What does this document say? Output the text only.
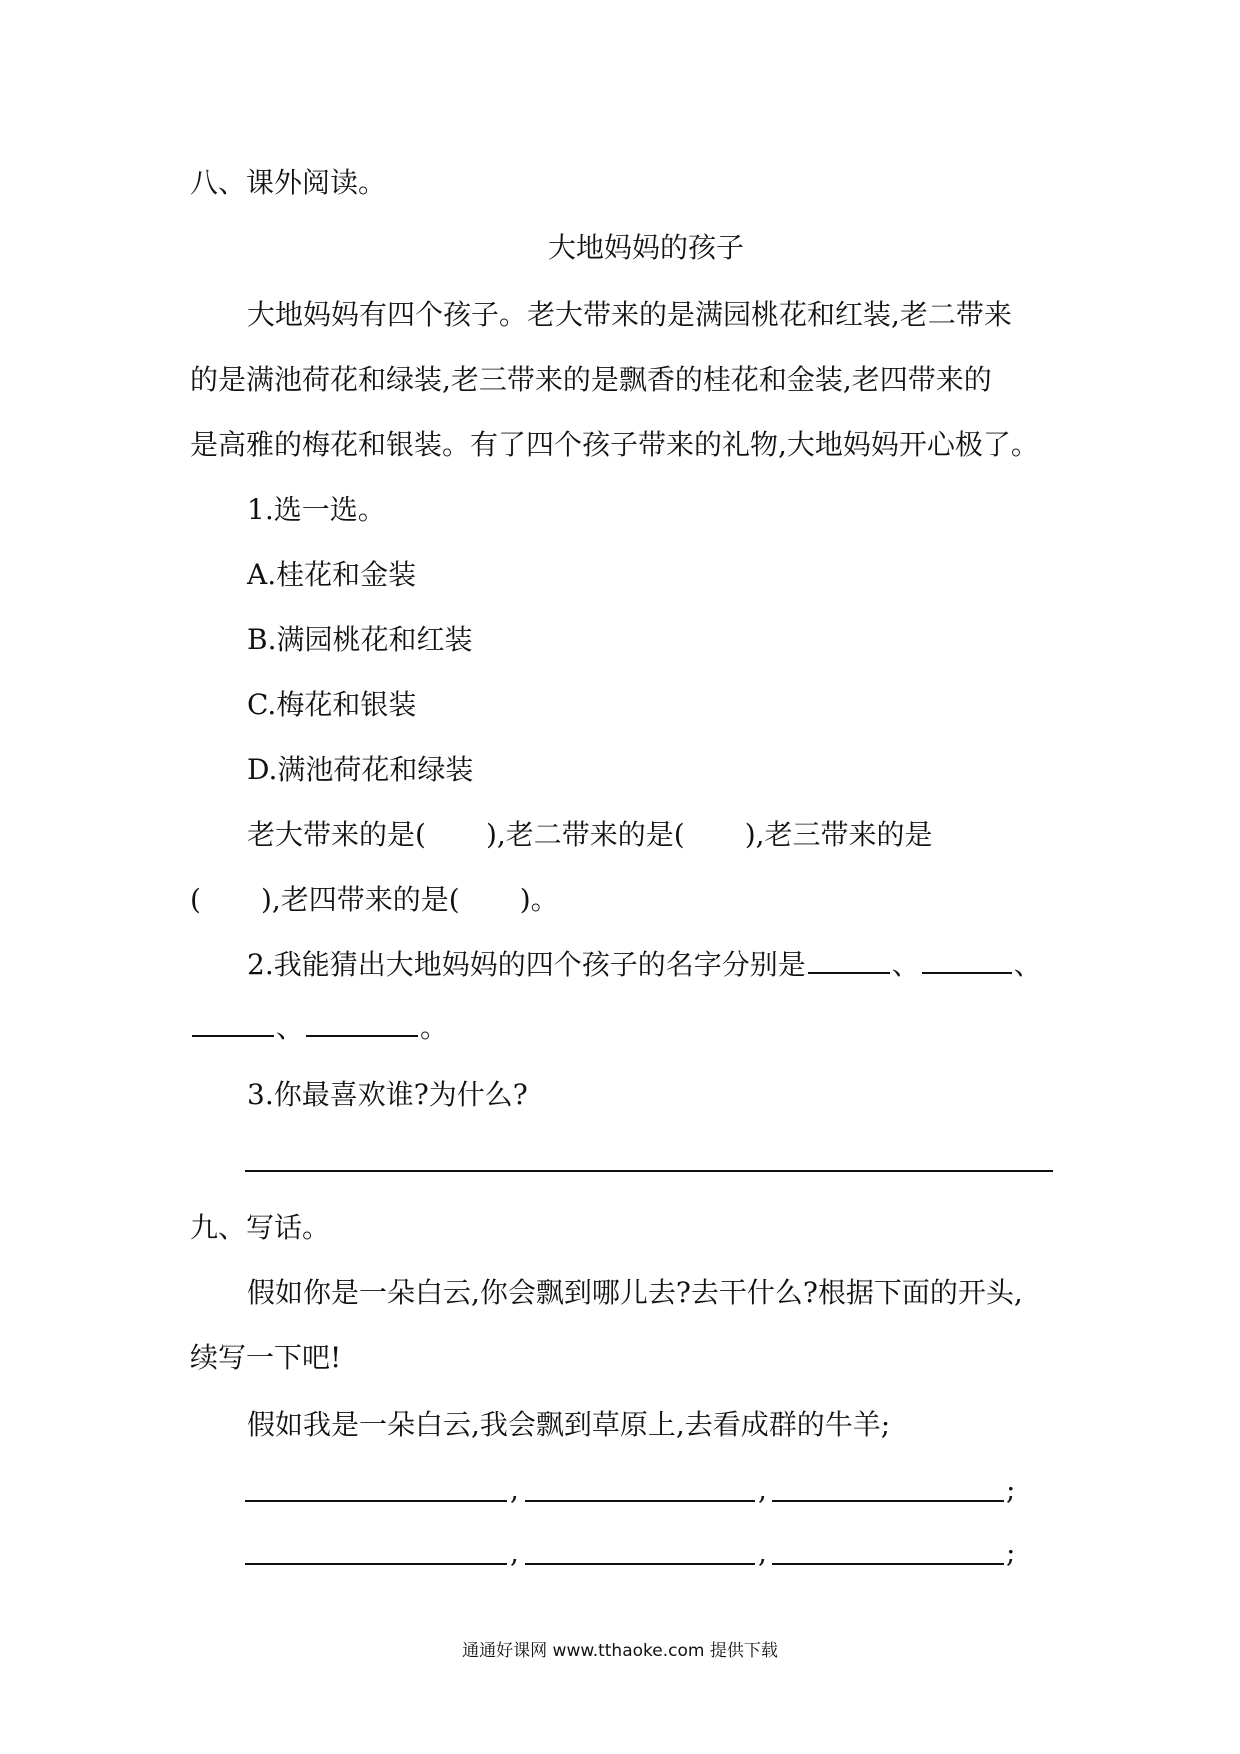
八、课外阅读。
大地妈妈的孩子
大地妈妈有四个孩子。老大带来的是满园桃花和红装,老二带来
的是满池荷花和绿装,老三带来的是飘香的桂花和金装,老四带来的
是高雅的梅花和银装。有了四个孩子带来的礼物,大地妈妈开心极了。
1.选一选。
A.桂花和金装
B.满园桃花和红装
C.梅花和银装
D.满池荷花和绿装
老大带来的是( ),老二带来的是( ),老三带来的是
( ),老四带来的是( )。
2.我能猜出大地妈妈的四个孩子的名字分别是	、	、
、	。
3.你最喜欢谁?为什么?
九、写话。
假如你是一朵白云,你会飘到哪儿去?去干什么?根据下面的开头,
续写一下吧!
假如我是一朵白云,我会飘到草原上,去看成群的牛羊;
,	,	;
,	,	;
通通好课网 www.tthaoke.com 提供下载
